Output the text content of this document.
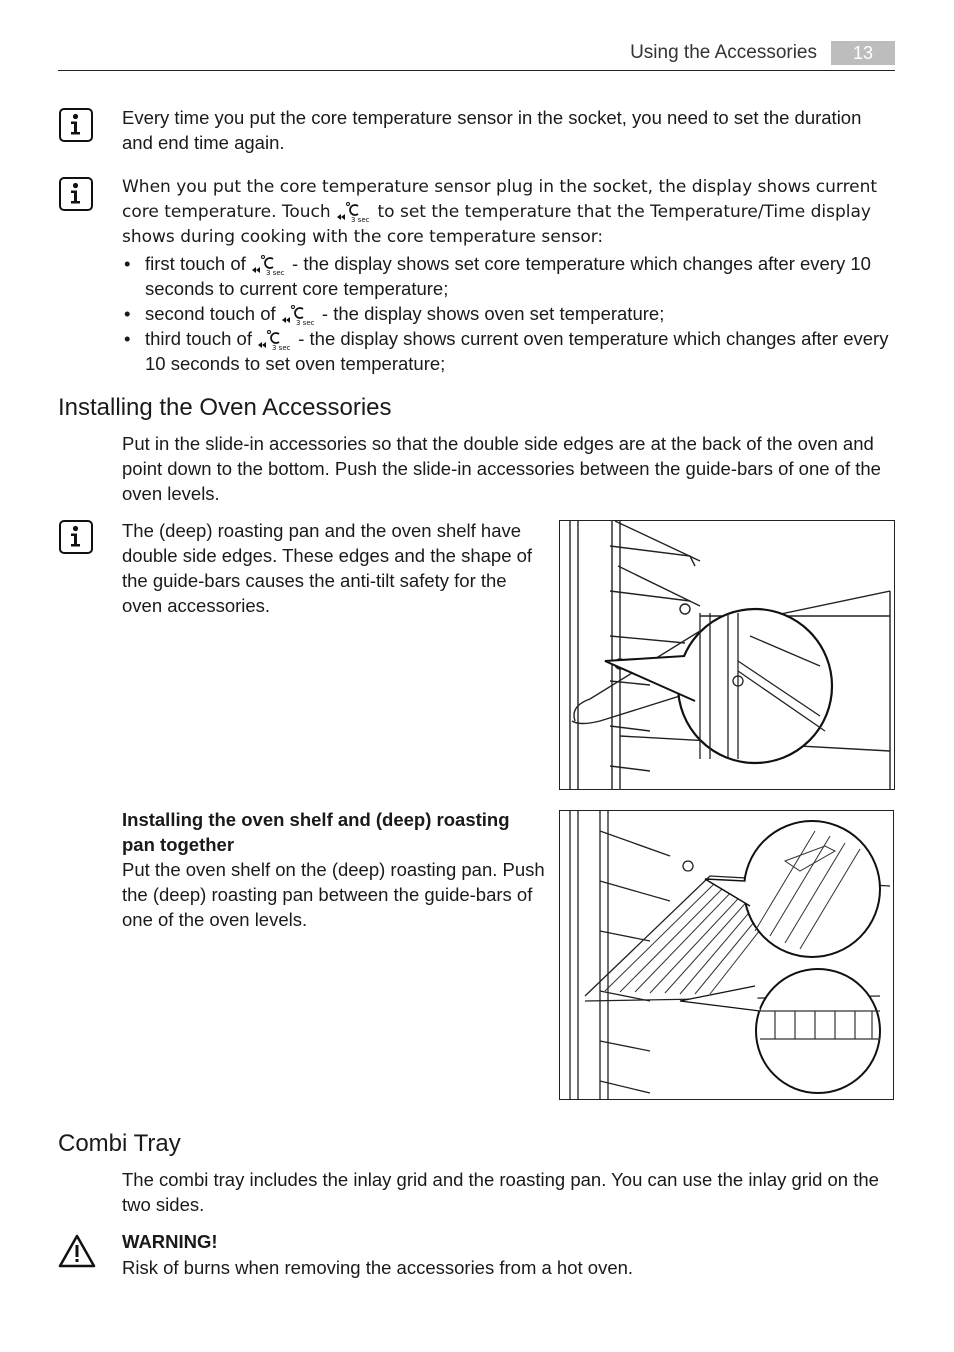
Using the Accessories	13
Every time you put the core temperature sensor in the socket, you need to set the duration and end time again.
When you put the core temperature sensor plug in the socket, the display shows current core temperature. Touch	3 sec to set the temperature that the Temperature/Time display shows during cooking with the core temperature sensor:
• first touch of	3 sec - the display shows set core temperature which changes after every 10 seconds to current core temperature;
• second touch of	3 sec - the display shows oven set temperature;
• third touch of	3 sec - the display shows current oven temperature which changes after every 10 seconds to set oven temperature;
Installing the Oven Accessories
Put in the slide-in accessories so that the double side edges are at the back of the oven and point down to the bottom. Push the slide-in accessories between the guide-bars of one of the oven levels.
The (deep) roasting pan and the oven shelf have double side edges. These edges and the shape of the guide-bars causes the anti-tilt safety for the oven accessories.
Installing the oven shelf and (deep) roasting pan together
Put the oven shelf on the (deep) roasting pan. Push the (deep) roasting pan between the guide-bars of one of the oven levels.
Combi Tray
The combi tray includes the inlay grid and the roasting pan. You can use the inlay grid on the two sides.
WARNING!
Risk of burns when removing the accessories from a hot oven.
